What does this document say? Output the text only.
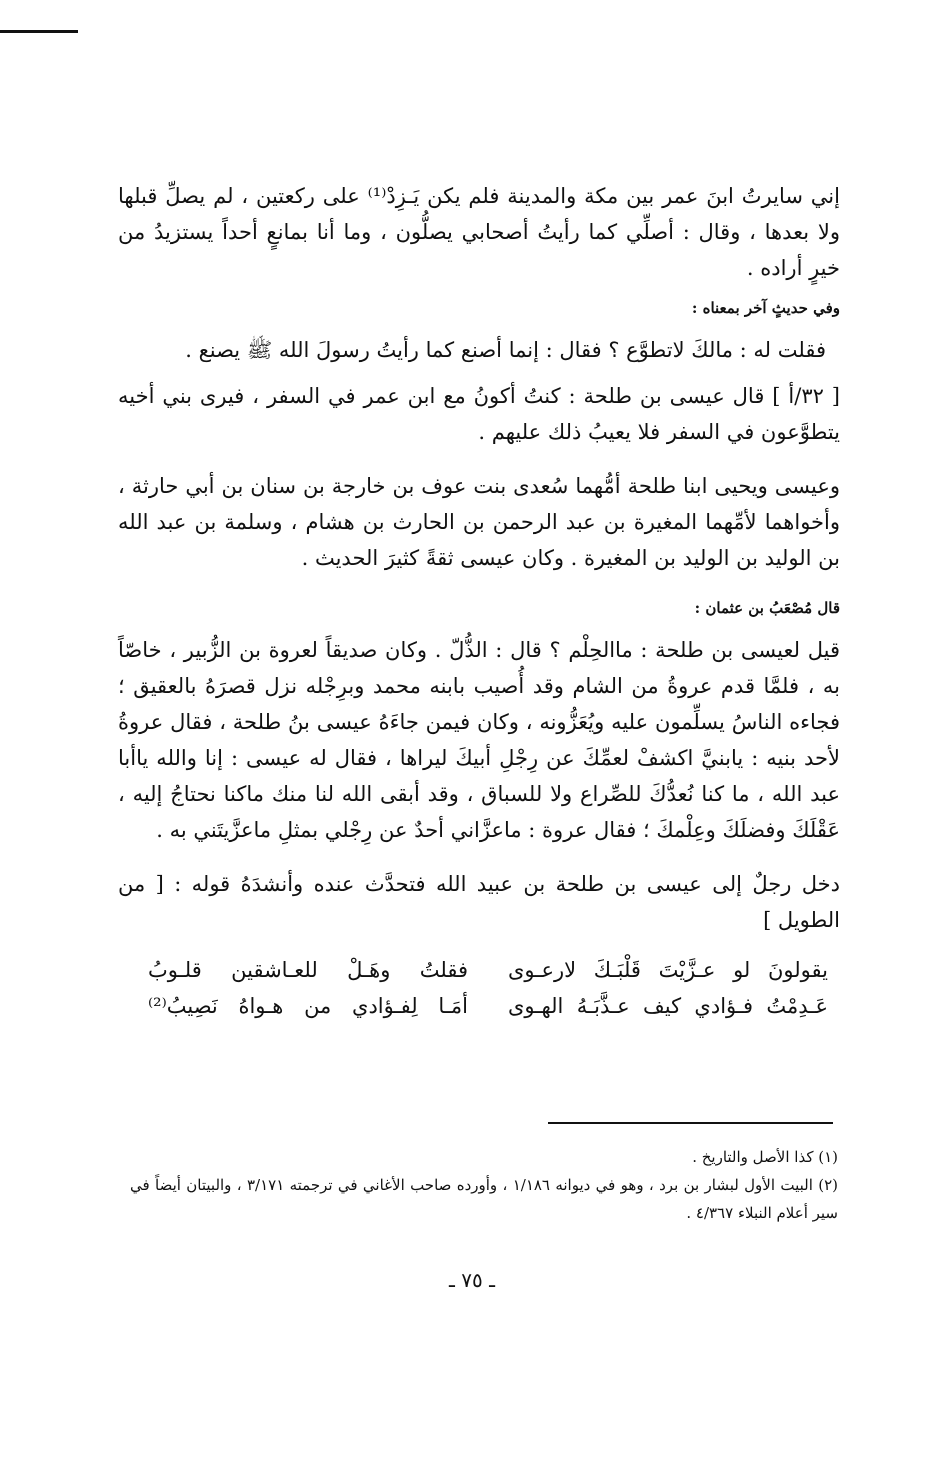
إني سايرتُ ابنَ عمر بين مكة والمدينة فلم يكن يَـزِدْ⁽¹⁾ على ركعتين ، لم يصلِّ قبلها ولا بعدها ، وقال : أصلِّي كما رأيتُ أصحابي يصلُّون ، وما أنا بمانعٍ أحداً يستزيدُ من خيرٍ أراده .

وفي حديثٍ آخر بمعناه :

فقلت له : مالكَ لاتطوَّع ؟ فقال : إنما أصنع كما رأيتُ رسولَ الله ﷺ يصنع .

[ ٣٢/أ ] قال عيسى بن طلحة : كنتُ أكونُ مع ابن عمر في السفر ، فيرى بني أخيه يتطوَّعون في السفر فلا يعيبُ ذلك عليهم .

وعيسى ويحيى ابنا طلحة أمُّهما سُعدى بنت عوف بن خارجة بن سنان بن أبي حارثة ، وأخواهما لأمِّهما المغيرة بن عبد الرحمن بن الحارث بن هشام ، وسلمة بن عبد الله بن الوليد بن الوليد بن المغيرة . وكان عيسى ثقةً كثيرَ الحديث .

قال مُصْعَبُ بن عثمان :

قيل لعيسى بن طلحة : ماالحِلْم ؟ قال : الذُّلّ . وكان صديقاً لعروة بن الزُّبير ، خاصّاً به ، فلمَّا قدم عروةُ من الشام وقد أُصيب بابنه محمد وبرِجْله نزل قصرَهُ بالعقيق ؛ فجاءه الناسُ يسلِّمون عليه ويُعَزُّونه ، وكان فيمن جاءَهُ عيسى بنُ طلحة ، فقال عروةُ لأحد بنيه : يابنيَّ اكشفْ لعمِّكَ عن رِجْلِ أبيكَ ليراها ، فقال له عيسى : إنا والله ياأبا عبد الله ، ما كنا نُعدُّكَ للصِّراع ولا للسباق ، وقد أبقى الله لنا منك ماكنا نحتاجُ إليه ، عَقْلَكَ وفضلَكَ وعِلْمكَ ؛ فقال عروة : ماعزَّاني أحدٌ عن رِجْلي بمثلِ ماعزَّيتَني به .

دخل رجلٌ إلى عيسى بن طلحة بن عبيد الله فتحدَّث عنده وأنشدَهُ قوله : [ من الطويل ]

يقولونَ لو عـزَّيْتَ قَلْبَـكَ لارعـوى
فقلتُ وهَـلْ للعـاشقين قلـوبُ
عَـدِمْتُ فـؤادي كيف عـذَّبَـهُ الهـوى
أمَـا لِفـؤادي من هـواهُ نَصِيبُ⁽²⁾

(١) كذا الأصل والتاريخ .

(٢) البيت الأول لبشار بن برد ، وهو في ديوانه ١/١٨٦ ، وأورده صاحب الأغاني في ترجمته ٣/١٧١ ، والبيتان أيضاً في سير أعلام النبلاء ٤/٣٦٧ .

ـ ٧٥ ـ
